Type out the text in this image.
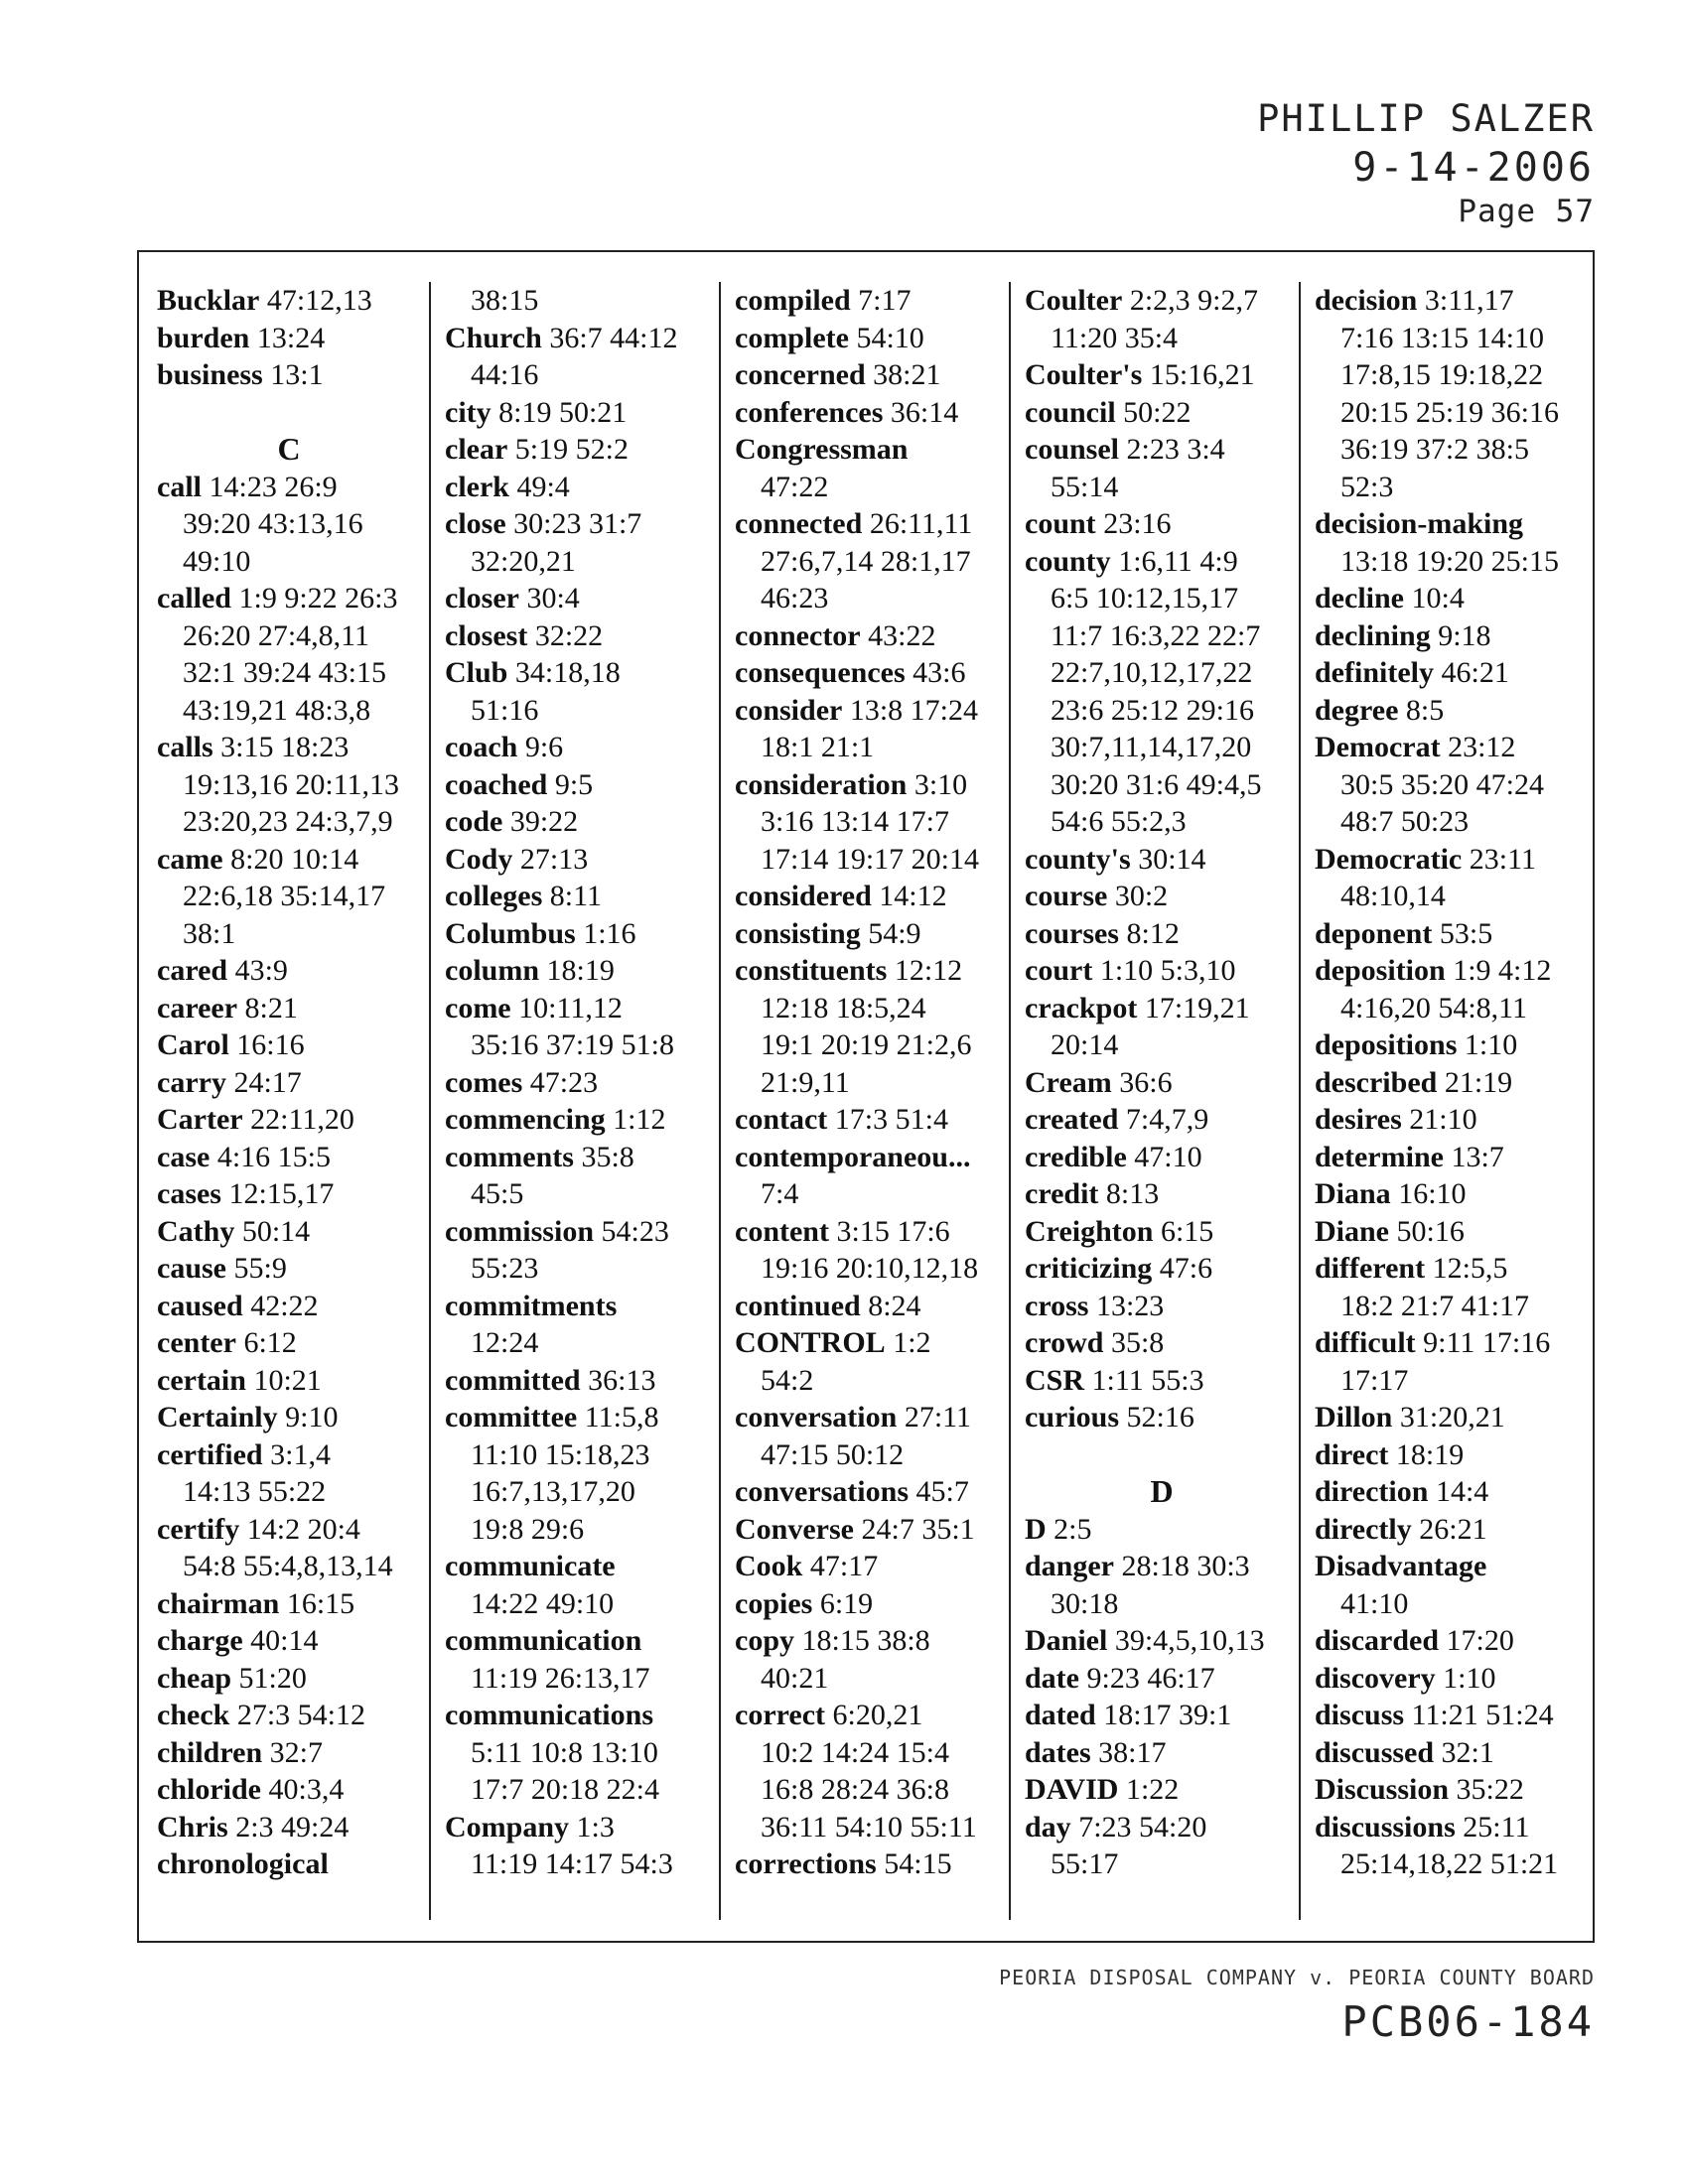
PHILLIP SALZER
9-14-2006
Page 57
Bucklar 47:12,13
burden 13:24
business 13:1
C
call 14:23 26:9
39:20 43:13,16
49:10
called 1:9 9:22 26:3
26:20 27:4,8,11
32:1 39:24 43:15
43:19,21 48:3,8
calls 3:15 18:23
19:13,16 20:11,13
23:20,23 24:3,7,9
came 8:20 10:14
22:6,18 35:14,17
38:1
cared 43:9
career 8:21
Carol 16:16
carry 24:17
Carter 22:11,20
case 4:16 15:5
cases 12:15,17
Cathy 50:14
cause 55:9
caused 42:22
center 6:12
certain 10:21
Certainly 9:10
certified 3:1,4
14:13 55:22
certify 14:2 20:4
54:8 55:4,8,13,14
chairman 16:15
charge 40:14
cheap 51:20
check 27:3 54:12
children 32:7
chloride 40:3,4
Chris 2:3 49:24
chronological
38:15
Church 36:7 44:12
44:16
city 8:19 50:21
clear 5:19 52:2
clerk 49:4
close 30:23 31:7
32:20,21
closer 30:4
closest 32:22
Club 34:18,18
51:16
coach 9:6
coached 9:5
code 39:22
Cody 27:13
colleges 8:11
Columbus 1:16
column 18:19
come 10:11,12
35:16 37:19 51:8
comes 47:23
commencing 1:12
comments 35:8
45:5
commission 54:23
55:23
commitments
12:24
committed 36:13
committee 11:5,8
11:10 15:18,23
16:7,13,17,20
19:8 29:6
communicate
14:22 49:10
communication
11:19 26:13,17
communications
5:11 10:8 13:10
17:7 20:18 22:4
Company 1:3
11:19 14:17 54:3
compiled 7:17
complete 54:10
concerned 38:21
conferences 36:14
Congressman
47:22
connected 26:11,11
27:6,7,14 28:1,17
46:23
connector 43:22
consequences 43:6
consider 13:8 17:24
18:1 21:1
consideration 3:10
3:16 13:14 17:7
17:14 19:17 20:14
considered 14:12
consisting 54:9
constituents 12:12
12:18 18:5,24
19:1 20:19 21:2,6
21:9,11
contact 17:3 51:4
contemporaneou...
7:4
content 3:15 17:6
19:16 20:10,12,18
continued 8:24
CONTROL 1:2
54:2
conversation 27:11
47:15 50:12
conversations 45:7
Converse 24:7 35:1
Cook 47:17
copies 6:19
copy 18:15 38:8
40:21
correct 6:20,21
10:2 14:24 15:4
16:8 28:24 36:8
36:11 54:10 55:11
corrections 54:15
Coulter 2:2,3 9:2,7
11:20 35:4
Coulter's 15:16,21
council 50:22
counsel 2:23 3:4
55:14
count 23:16
county 1:6,11 4:9
6:5 10:12,15,17
11:7 16:3,22 22:7
22:7,10,12,17,22
23:6 25:12 29:16
30:7,11,14,17,20
30:20 31:6 49:4,5
54:6 55:2,3
county's 30:14
course 30:2
courses 8:12
court 1:10 5:3,10
crackpot 17:19,21
20:14
Cream 36:6
created 7:4,7,9
credible 47:10
credit 8:13
Creighton 6:15
criticizing 47:6
cross 13:23
crowd 35:8
CSR 1:11 55:3
curious 52:16
D
D 2:5
danger 28:18 30:3
30:18
Daniel 39:4,5,10,13
date 9:23 46:17
dated 18:17 39:1
dates 38:17
DAVID 1:22
day 7:23 54:20
55:17
decision 3:11,17
7:16 13:15 14:10
17:8,15 19:18,22
20:15 25:19 36:16
36:19 37:2 38:5
52:3
decision-making
13:18 19:20 25:15
decline 10:4
declining 9:18
definitely 46:21
degree 8:5
Democrat 23:12
30:5 35:20 47:24
48:7 50:23
Democratic 23:11
48:10,14
deponent 53:5
deposition 1:9 4:12
4:16,20 54:8,11
depositions 1:10
described 21:19
desires 21:10
determine 13:7
Diana 16:10
Diane 50:16
different 12:5,5
18:2 21:7 41:17
difficult 9:11 17:16
17:17
Dillon 31:20,21
direct 18:19
direction 14:4
directly 26:21
Disadvantage
41:10
discarded 17:20
discovery 1:10
discuss 11:21 51:24
discussed 32:1
Discussion 35:22
discussions 25:11
25:14,18,22 51:21
PEORIA DISPOSAL COMPANY v. PEORIA COUNTY BOARD
PCB06-184
